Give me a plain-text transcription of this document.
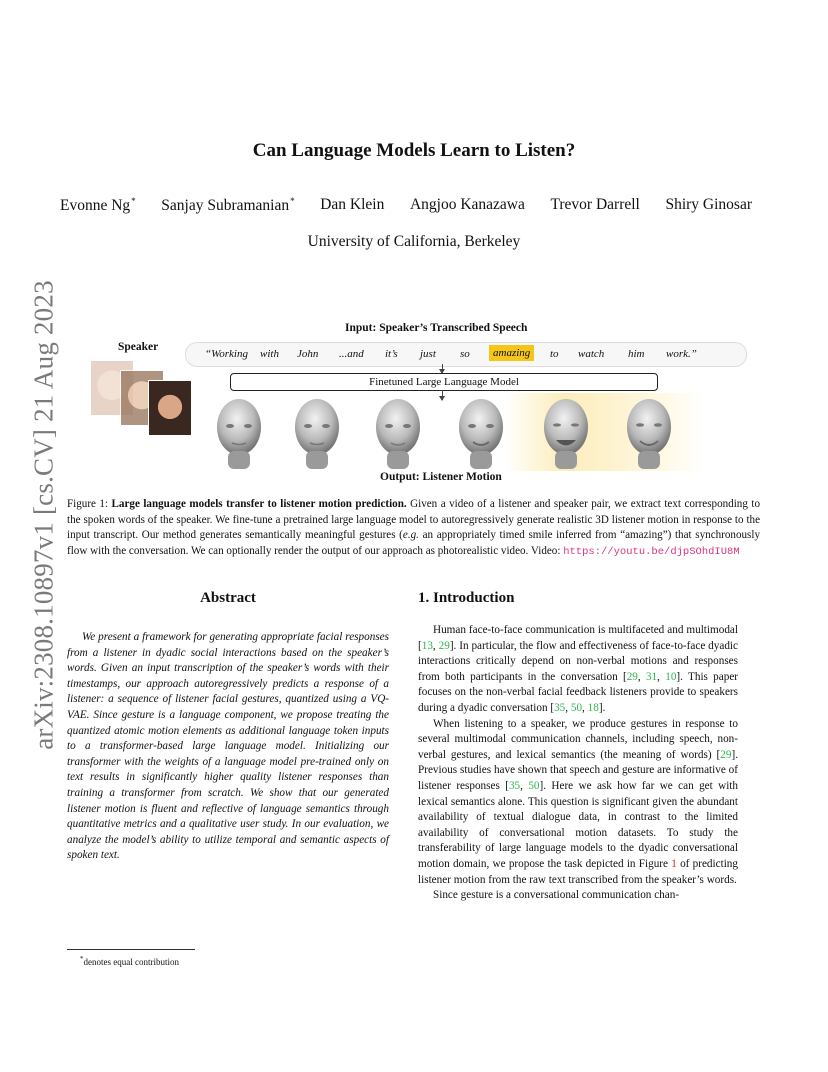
arXiv:2308.10897v1 [cs.CV] 21 Aug 2023
Can Language Models Learn to Listen?
Evonne Ng* Sanjay Subramanian* Dan Klein Angjoo Kanazawa Trevor Darrell Shiry Ginosar
University of California, Berkeley
Input: Speaker’s Transcribed Speech
Speaker
“Working with John ...and it’s just so	amazing	to watch him work.”
Finetuned Large Language Model
Output: Listener Motion
Figure 1: Large language models transfer to listener motion prediction. Given a video of a listener and speaker pair, we extract text corresponding to the spoken words of the speaker. We fine-tune a pretrained large language model to autoregressively generate realistic 3D listener motion in response to the input transcript. Our method generates semantically meaningful gestures (e.g. an appropriately timed smile inferred from “amazing”) that synchronously flow with the conversation. We can optionally render the output of our approach as photorealistic video. Video: https://youtu.be/djpSOhdIU8M
Abstract

We present a framework for generating appropriate facial responses from a listener in dyadic social interactions based on the speaker’s words. Given an input transcription of the speaker’s words with their timestamps, our approach autoregressively predicts a response of a listener: a sequence of listener facial gestures, quantized using a VQ-VAE. Since gesture is a language component, we propose treating the quantized atomic motion elements as additional language token inputs to a transformer-based large language model. Initializing our transformer with the weights of a language model pre-trained only on text results in significantly higher quality listener responses than training a transformer from scratch. We show that our generated listener motion is fluent and reflective of language semantics through quantitative metrics and a qualitative user study. In our evaluation, we analyze the model’s ability to utilize temporal and semantic aspects of spoken text.

1. Introduction

Human face-to-face communication is multifaceted and multimodal [13, 29]. In particular, the flow and effectiveness of face-to-face dyadic interactions critically depend on non-verbal motions and responses from both participants in the conversation [29, 31, 10]. This paper focuses on the non-verbal facial feedback listeners provide to speakers during a dyadic conversation [35, 50, 18].

When listening to a speaker, we produce gestures in response to several multimodal communication channels, including speech, non-verbal gestures, and lexical semantics (the meaning of words) [29]. Previous studies have shown that speech and gesture are informative of listener responses [35, 50]. Here we ask how far we can get with lexical semantics alone. This question is significant given the abundant availability of textual dialogue data, in contrast to the limited availability of conversational motion datasets. To study the transferability of large language models to the dyadic conversational motion domain, we propose the task depicted in Figure 1 of predicting listener motion from the raw text transcribed from the speaker’s words.

Since gesture is a conversational communication chan-

*denotes equal contribution
